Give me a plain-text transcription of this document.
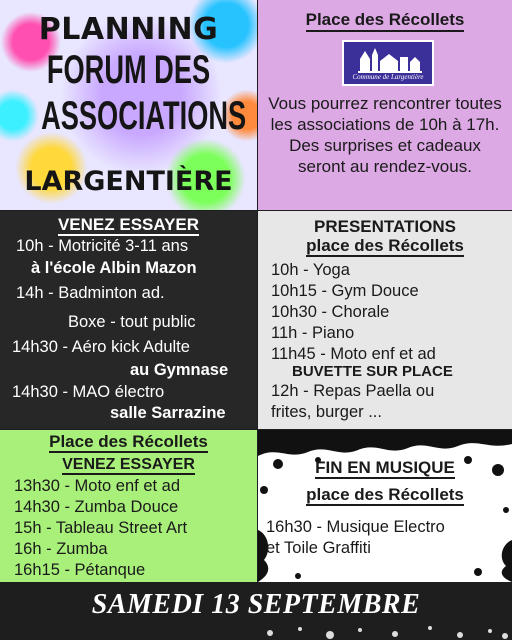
PLANNING
FORUM DES
ASSOCIATIONS
LARGENTIÈRE
Place des Récollets
Commune de Largentière
Vous pourrez rencontrer toutes les associations de 10h à 17h. Des surprises et cadeaux seront au rendez-vous.
VENEZ ESSAYER
10h - Motricité 3-11 ans
à l'école Albin Mazon
14h - Badminton ad.
Boxe - tout public
14h30 - Aéro kick Adulte
au Gymnase
14h30 - MAO électro
salle Sarrazine
PRESENTATIONS
place des Récollets
10h - Yoga
10h15 - Gym Douce
10h30 - Chorale
11h - Piano
11h45 - Moto enf et ad
BUVETTE SUR PLACE
12h - Repas Paella ou
frites, burger ...
Place des Récollets
VENEZ ESSAYER
13h30 - Moto enf et ad
14h30 - Zumba Douce
15h - Tableau Street Art
16h - Zumba
16h15 - Pétanque
FIN EN MUSIQUE
place des Récollets
16h30 - Musique Electro
et Toile Graffiti
SAMEDI 13 SEPTEMBRE
